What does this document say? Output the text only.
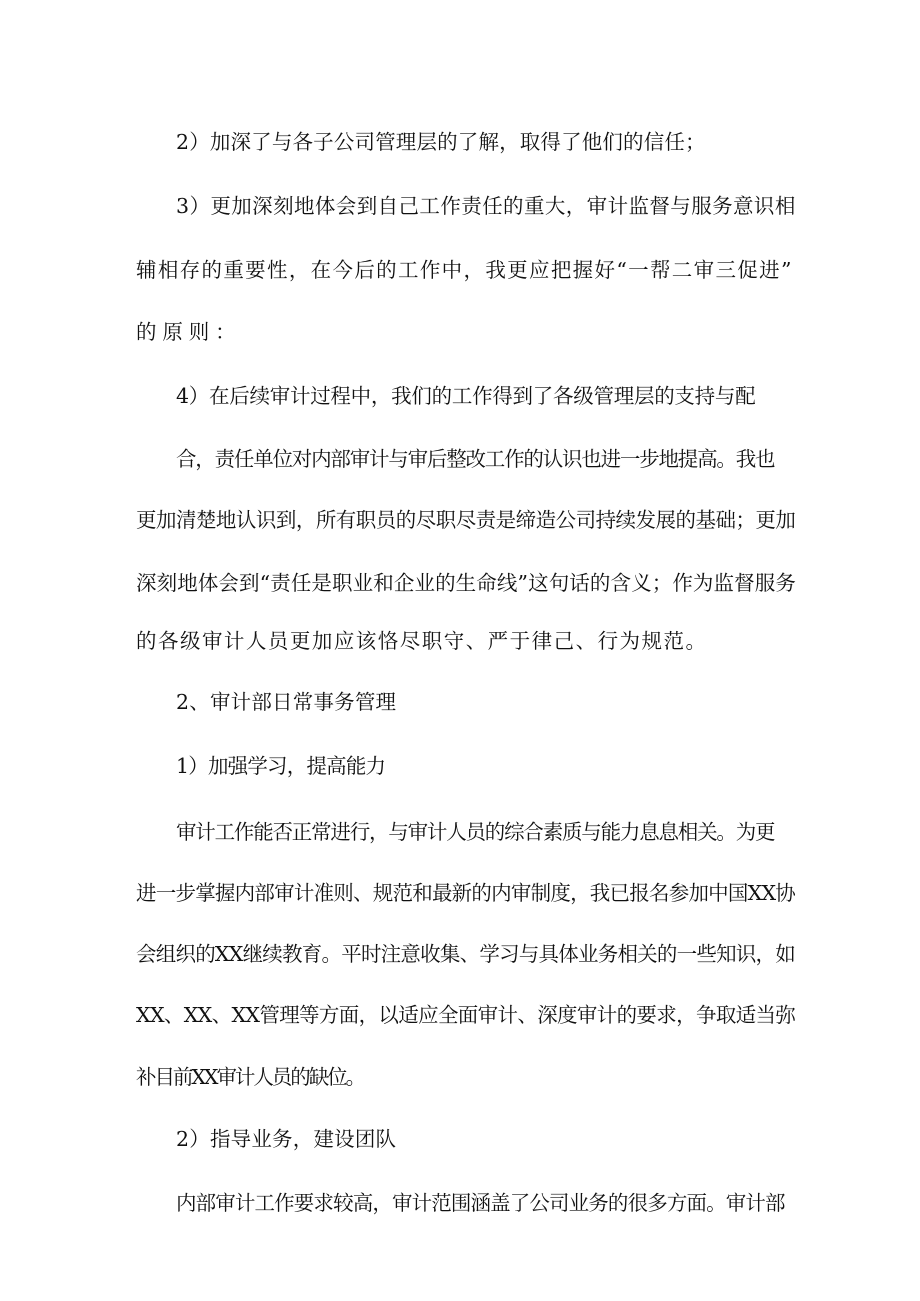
2）加深了与各子公司管理层的了解，取得了他们的信任；
3）更加深刻地体会到自己工作责任的重大，审计监督与服务意识相
辅相存的重要性，在今后的工作中，我更应把握好“一帮二审三促进”
的原则：
4）在后续审计过程中，我们的工作得到了各级管理层的支持与配
合，责任单位对内部审计与审后整改工作的认识也进一步地提高。我也
更加清楚地认识到，所有职员的尽职尽责是缔造公司持续发展的基础；更加
深刻地体会到“责任是职业和企业的生命线”这句话的含义；作为监督服务
的各级审计人员更加应该恪尽职守、严于律己、行为规范。
2、审计部日常事务管理
1）加强学习，提高能力
审计工作能否正常进行，与审计人员的综合素质与能力息息相关。为更
进一步掌握内部审计准则、规范和最新的内审制度，我已报名参加中国XX协
会组织的XX继续教育。平时注意收集、学习与具体业务相关的一些知识，如
XX、XX、XX管理等方面，以适应全面审计、深度审计的要求，争取适当弥
补目前XX审计人员的缺位。
2）指导业务，建设团队
内部审计工作要求较高，审计范围涵盖了公司业务的很多方面。审计部
